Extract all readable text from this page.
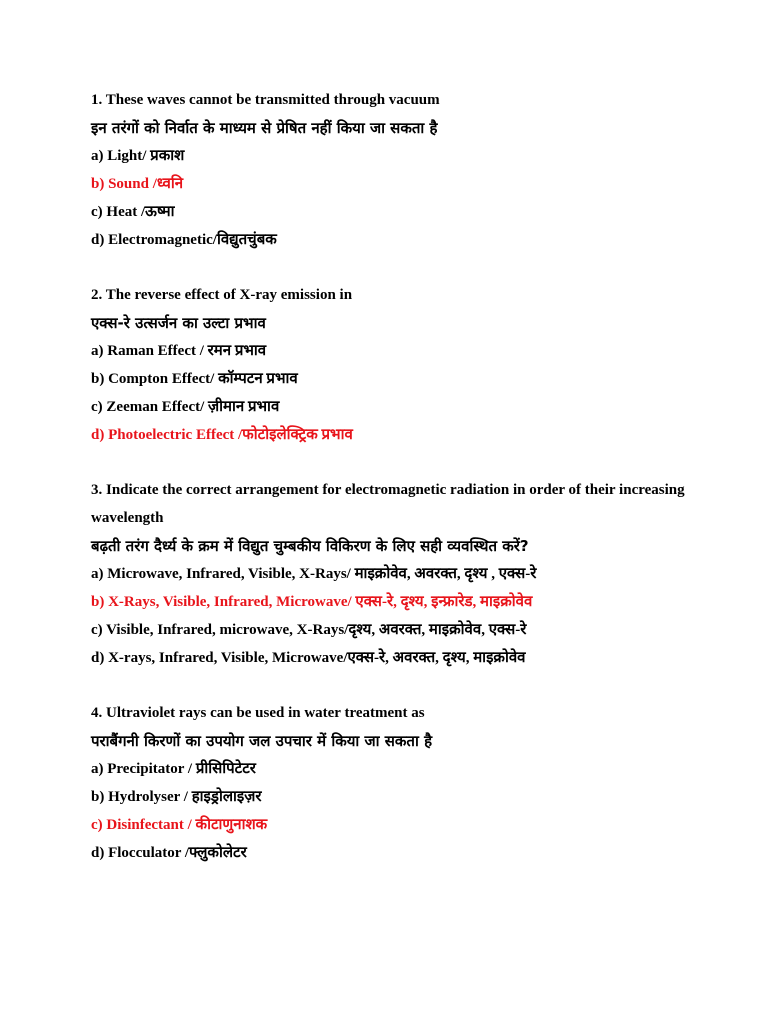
1. These waves cannot be transmitted through vacuum
इन तरंगों को निर्वात के माध्यम से प्रेषित नहीं किया जा सकता है
a) Light/ प्रकाश
b) Sound /ध्वनि
c) Heat /ऊष्मा
d) Electromagnetic/विद्युतचुंबक
2. The reverse effect of X-ray emission in
एक्स-रे उत्सर्जन का उल्टा प्रभाव
a) Raman Effect / रमन प्रभाव
b) Compton Effect/ कॉम्पटन प्रभाव
c) Zeeman Effect/ ज़ीमान प्रभाव
d) Photoelectric Effect /फोटोइलेक्ट्रिक प्रभाव
3. Indicate the correct arrangement for electromagnetic radiation in order of their increasing wavelength
बढ़ती तरंग दैर्ध्य के क्रम में विद्युत चुम्बकीय विकिरण के लिए सही व्यवस्थित करें?
a) Microwave, Infrared, Visible, X-Rays/ माइक्रोवेव, अवरक्त, दृश्य , एक्स-रे
b) X-Rays, Visible, Infrared, Microwave/ एक्स-रे, दृश्य, इन्फ्रारेड, माइक्रोवेव
c) Visible, Infrared, microwave, X-Rays/दृश्य, अवरक्त, माइक्रोवेव, एक्स-रे
d) X-rays, Infrared, Visible, Microwave/एक्स-रे, अवरक्त, दृश्य, माइक्रोवेव
4. Ultraviolet rays can be used in water treatment as
पराबैंगनी किरणों का उपयोग जल उपचार में किया जा सकता है
a) Precipitator / प्रीसिपिटेटर
b) Hydrolyser / हाइड्रोलाइज़र
c) Disinfectant / कीटाणुनाशक
d) Flocculator /फ्लुकोलेटर
